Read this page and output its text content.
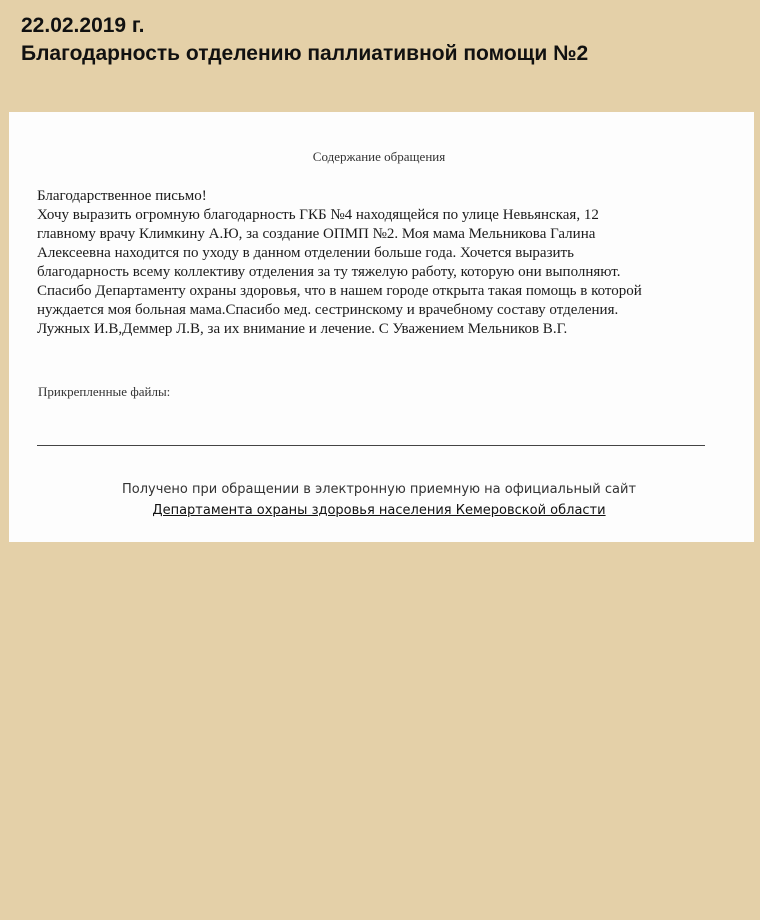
22.02.2019 г.
Благодарность отделению паллиативной помощи №2
Содержание обращения
Благодарственное письмо!
Хочу выразить огромную благодарность ГКБ №4 находящейся по улице Невьянская, 12
главному врачу Климкину А.Ю, за создание ОПМП №2. Моя мама Мельникова Галина
Алексеевна находится по уходу в данном отделении больше года. Хочется выразить
благодарность всему коллективу отделения за ту тяжелую работу, которую они выполняют.
Спасибо Департаменту охраны здоровья, что в нашем городе открыта такая помощь в которой
нуждается моя больная мама.Спасибо мед. сестринскому и врачебному составу отделения.
Лужных И.В,Деммер Л.В, за их внимание и лечение. С Уважением Мельников В.Г.
Прикрепленные файлы:
Получено при обращении в электронную приемную на официальный сайт
Департамента охраны здоровья населения Кемеровской области
